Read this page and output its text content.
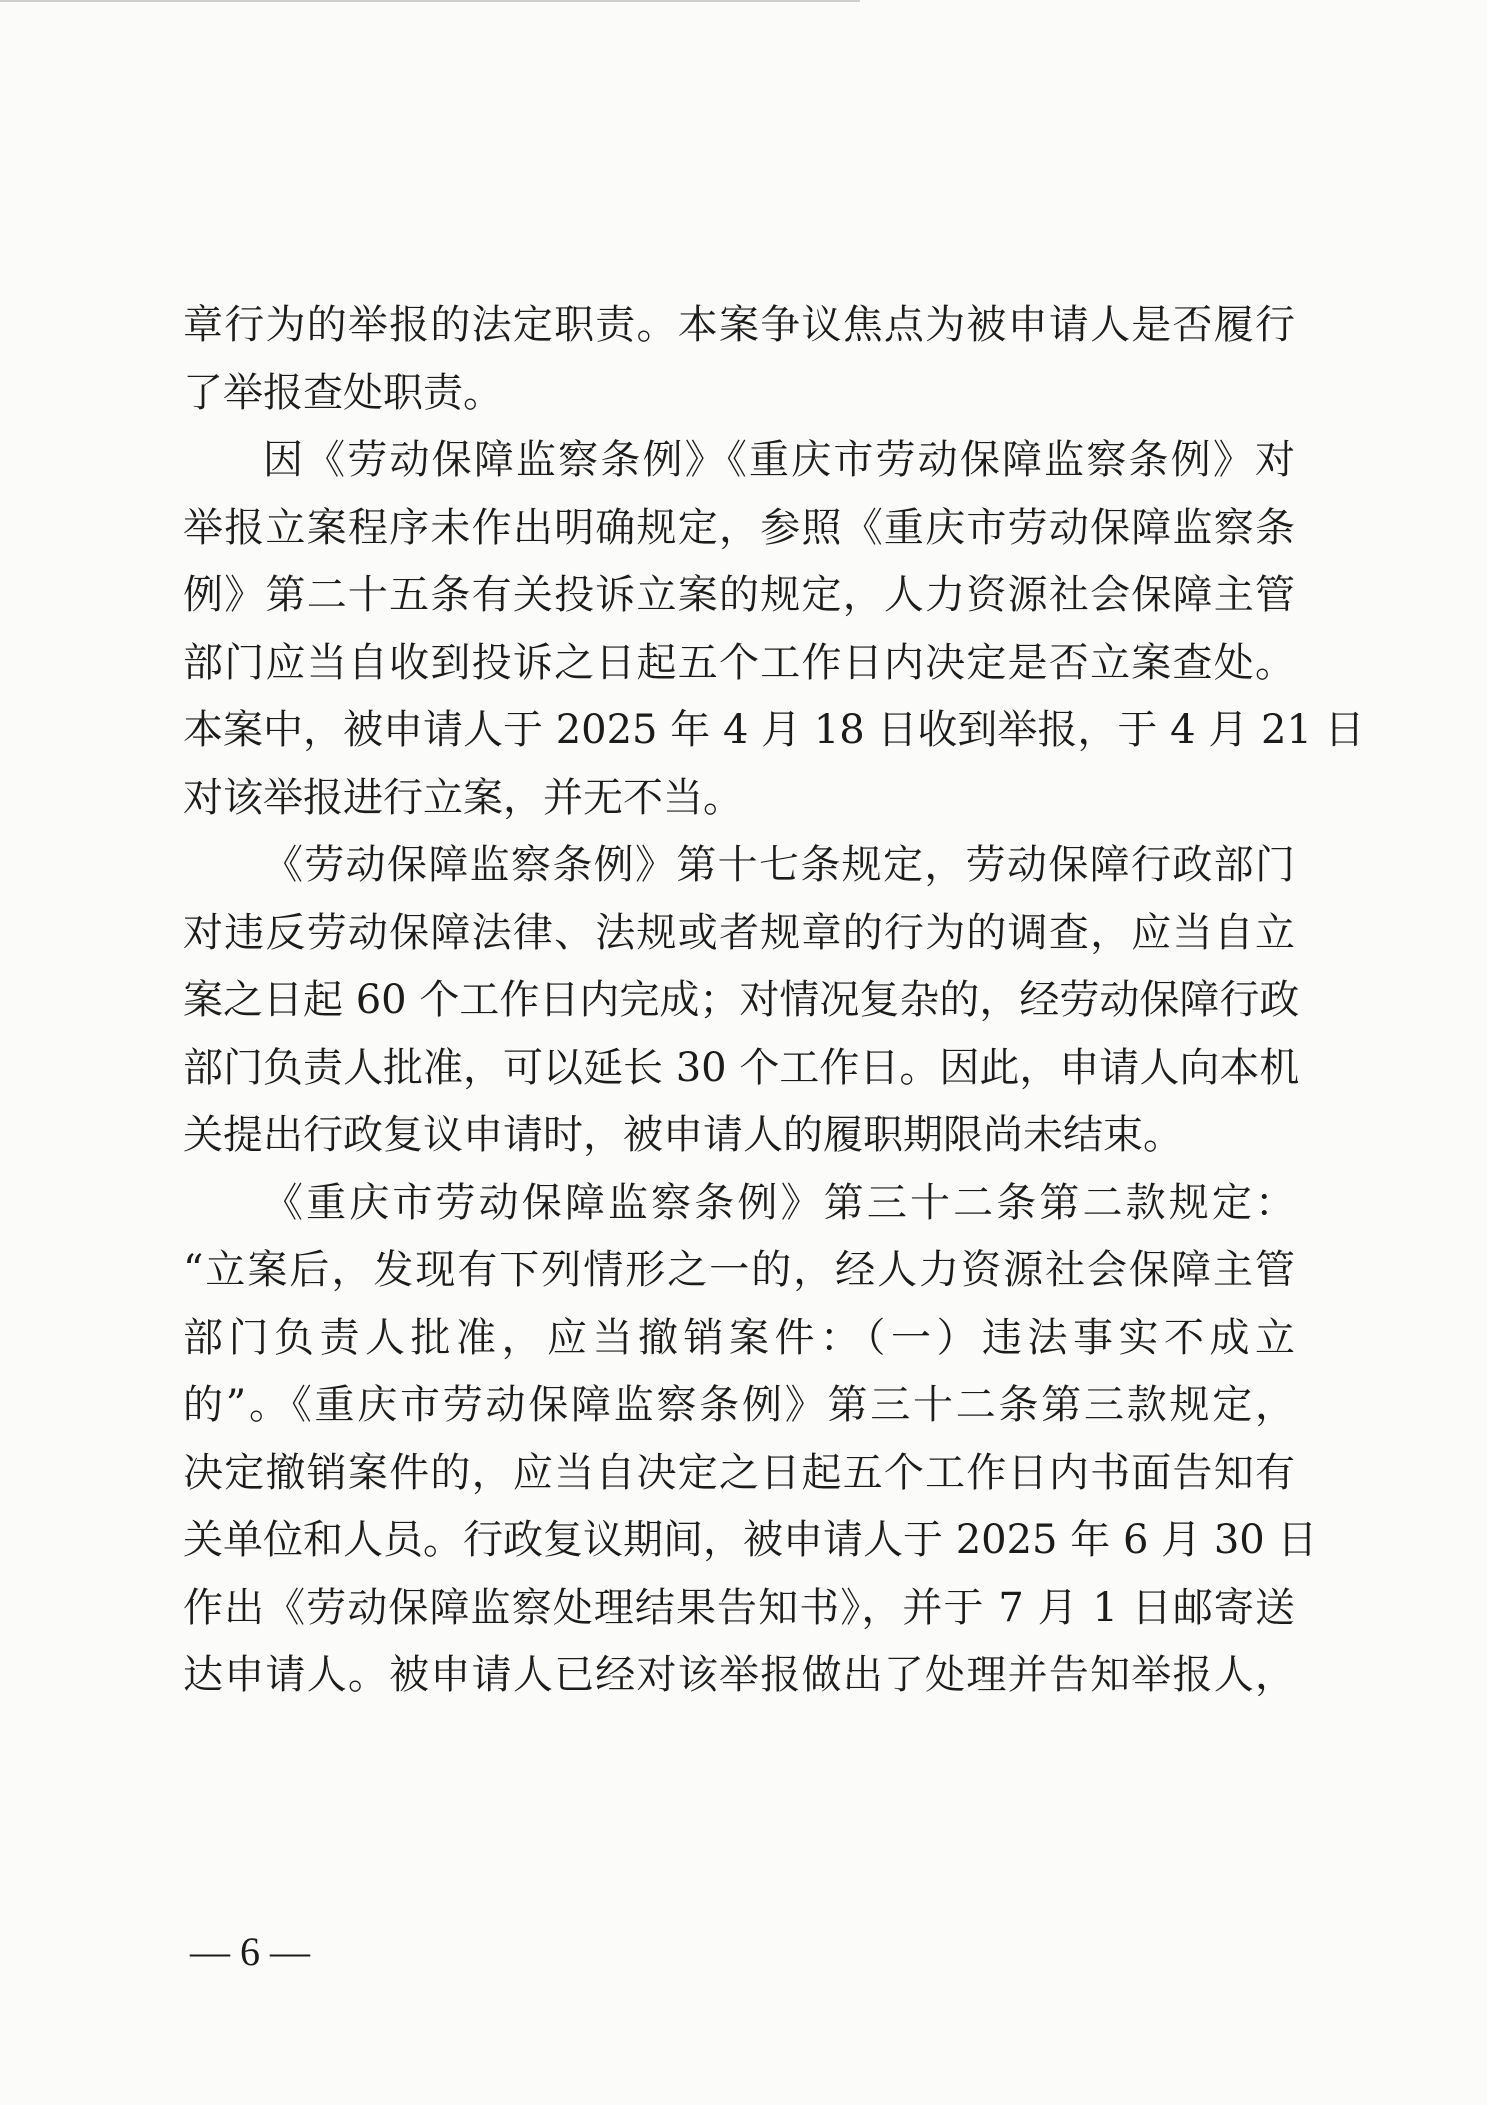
章行为的举报的法定职责。本案争议焦点为被申请人是否履行
了举报查处职责。
因《劳动保障监察条例》《重庆市劳动保障监察条例》对
举报立案程序未作出明确规定，参照《重庆市劳动保障监察条
例》第二十五条有关投诉立案的规定，人力资源社会保障主管
部门应当自收到投诉之日起五个工作日内决定是否立案查处。
本案中，被申请人于 2025 年 4 月 18 日收到举报，于 4 月 21 日
对该举报进行立案，并无不当。
《劳动保障监察条例》第十七条规定，劳动保障行政部门
对违反劳动保障法律、法规或者规章的行为的调查，应当自立
案之日起 60 个工作日内完成；对情况复杂的，经劳动保障行政
部门负责人批准，可以延长 30 个工作日。因此，申请人向本机
关提出行政复议申请时，被申请人的履职期限尚未结束。
《重庆市劳动保障监察条例》第三十二条第二款规定：
“立案后，发现有下列情形之一的，经人力资源社会保障主管
部门负责人批准，应当撤销案件：（一）违法事实不成立
的”。《重庆市劳动保障监察条例》第三十二条第三款规定，
决定撤销案件的，应当自决定之日起五个工作日内书面告知有
关单位和人员。行政复议期间，被申请人于 2025 年 6 月 30 日
作出《劳动保障监察处理结果告知书》，并于 7 月 1 日邮寄送
达申请人。被申请人已经对该举报做出了处理并告知举报人，
— 6 —
